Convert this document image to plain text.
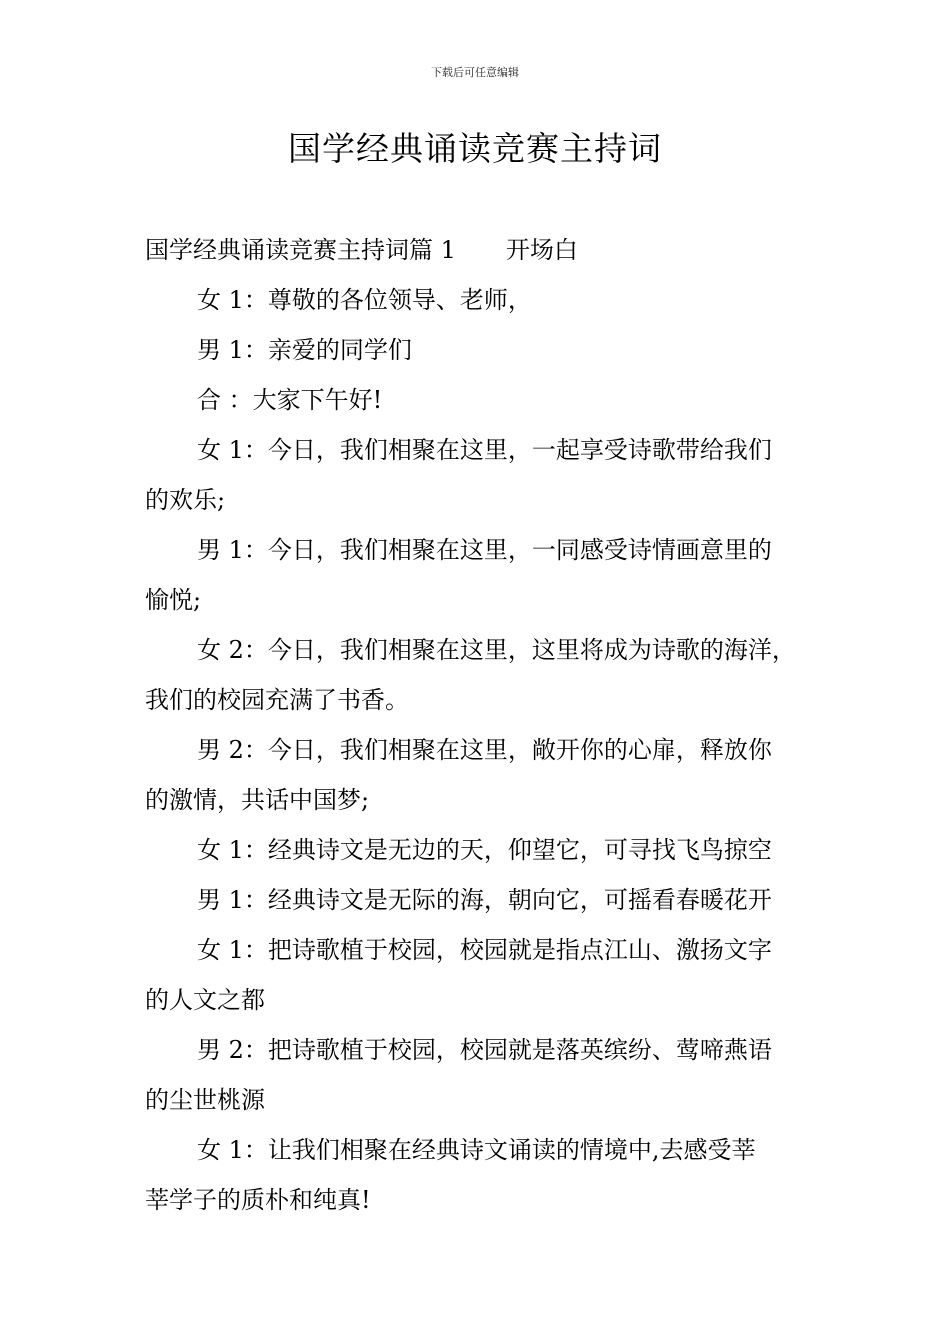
下载后可任意编辑
国学经典诵读竞赛主持词

国学经典诵读竞赛主持词篇 1 开场白

女 1：尊敬的各位领导、老师，

男 1：亲爱的同学们

合 ：大家下午好!

女 1：今日，我们相聚在这里，一起享受诗歌带给我们

的欢乐;

男 1：今日，我们相聚在这里，一同感受诗情画意里的

愉悦;

女 2：今日，我们相聚在这里，这里将成为诗歌的海洋，

我们的校园充满了书香。

男 2：今日，我们相聚在这里，敞开你的心扉，释放你

的激情，共话中国梦;

女 1：经典诗文是无边的天，仰望它，可寻找飞鸟掠空

男 1：经典诗文是无际的海，朝向它，可摇看春暖花开

女 1：把诗歌植于校园，校园就是指点江山、激扬文字

的人文之都

男 2：把诗歌植于校园，校园就是落英缤纷、莺啼燕语

的尘世桃源

女 1：让我们相聚在经典诗文诵读的情境中,去感受莘

莘学子的质朴和纯真!
